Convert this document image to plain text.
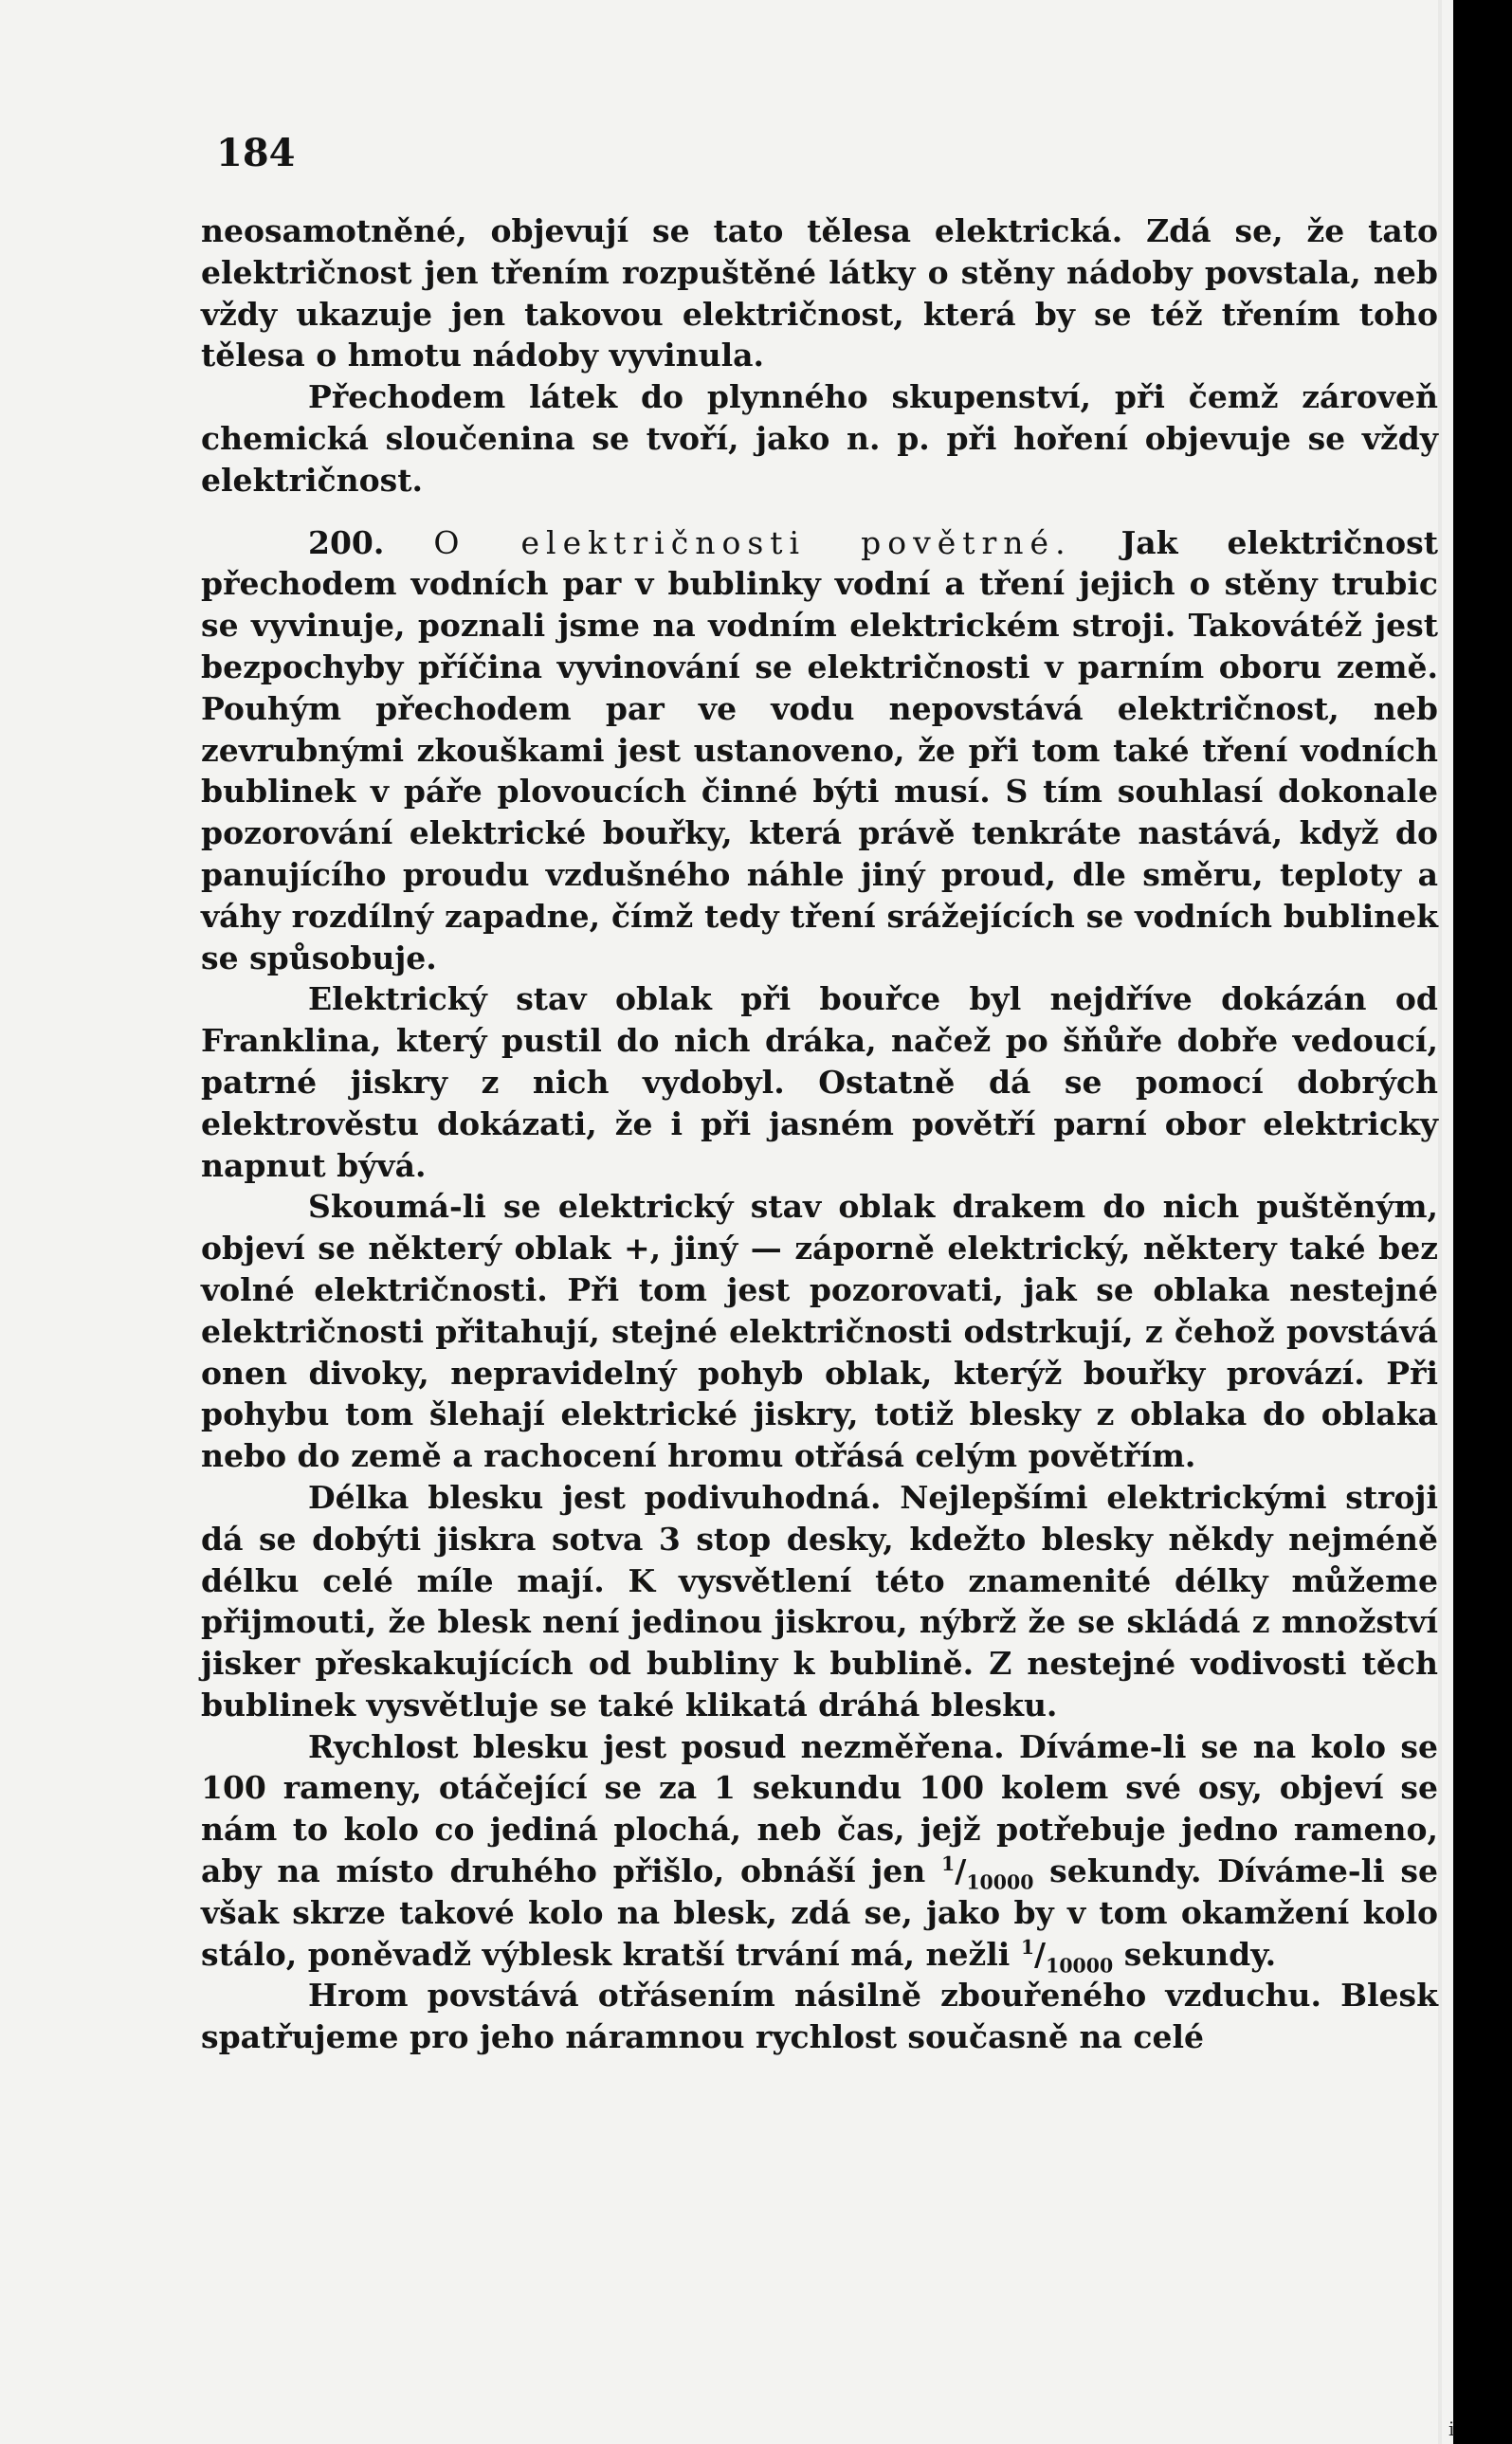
184

neosamotněné, objevují se tato tělesa elektrická. Zdá se, že tato električnost jen třením rozpuštěné látky o stěny nádoby povstala, neb vždy ukazuje jen takovou električnost, která by se též třením toho tělesa o hmotu nádoby vyvinula.

Přechodem látek do plynného skupenství, při čemž zároveň chemická sloučenina se tvoří, jako n. p. při hoření objevuje se vždy električnost.

200. O električnosti povětrné. Jak električnost přechodem vodních par v bublinky vodní a tření jejich o stěny trubic se vyvinuje, poznali jsme na vodním elektrickém stroji. Takovátéž jest bezpochyby příčina vyvinování se električnosti v parním oboru země. Pouhým přechodem par ve vodu nepovstává električnost, neb zevrubnými zkouškami jest ustanoveno, že při tom také tření vodních bublinek v páře plovoucích činné býti musí. S tím souhlasí dokonale pozorování elektrické bouřky, která právě tenkráte nastává, když do panujícího proudu vzdušného náhle jiný proud, dle směru, teploty a váhy rozdílný zapadne, čímž tedy tření srážejících se vodních bublinek se spůsobuje.

Elektrický stav oblak při bouřce byl nejdříve dokázán od Franklina, který pustil do nich dráka, načež po šňůře dobře vedoucí, patrné jiskry z nich vydobyl. Ostatně dá se pomocí dobrých elektrověstu dokázati, že i při jasném povětří parní obor elektricky napnut bývá.

Skoumá-li se elektrický stav oblak drakem do nich puštěným, objeví se některý oblak +, jiný — záporně elektrický, některy také bez volné električnosti. Při tom jest pozorovati, jak se oblaka nestejné električnosti přitahují, stejné električnosti odstrkují, z čehož povstává onen divoky, nepravidelný pohyb oblak, kterýž bouřky provází. Při pohybu tom šlehají elektrické jiskry, totiž blesky z oblaka do oblaka nebo do země a rachocení hromu otřásá celým povětřím.

Délka blesku jest podivuhodná. Nejlepšími elektrickými stroji dá se dobýti jiskra sotva 3 stop desky, kdežto blesky někdy nejméně délku celé míle mají. K vysvětlení této znamenité délky můžeme přijmouti, že blesk není jedinou jiskrou, nýbrž že se skládá z množství jisker přeskakujících od bubliny k bublině. Z nestejné vodivosti těch bublinek vysvětluje se také klikatá dráhá blesku.

Rychlost blesku jest posud nezměřena. Díváme-li se na kolo se 100 rameny, otáčející se za 1 sekundu 100 kolem své osy, objeví se nám to kolo co jediná plochá, neb čas, jejž potřebuje jedno rameno, aby na místo druhého přišlo, obnáší jen $^1/_{10000}$ sekundy. Díváme-li se však skrze takové kolo na blesk, zdá se, jako by v tom okamžení kolo stálo, poněvadž výblesk kratší trvání má, nežli $^1/_{10000}$ sekundy.

Hrom povstává otřásením násilně zbouřeného vzduchu. Blesk spatřujeme pro jeho náramnou rychlost současně na celé

i
